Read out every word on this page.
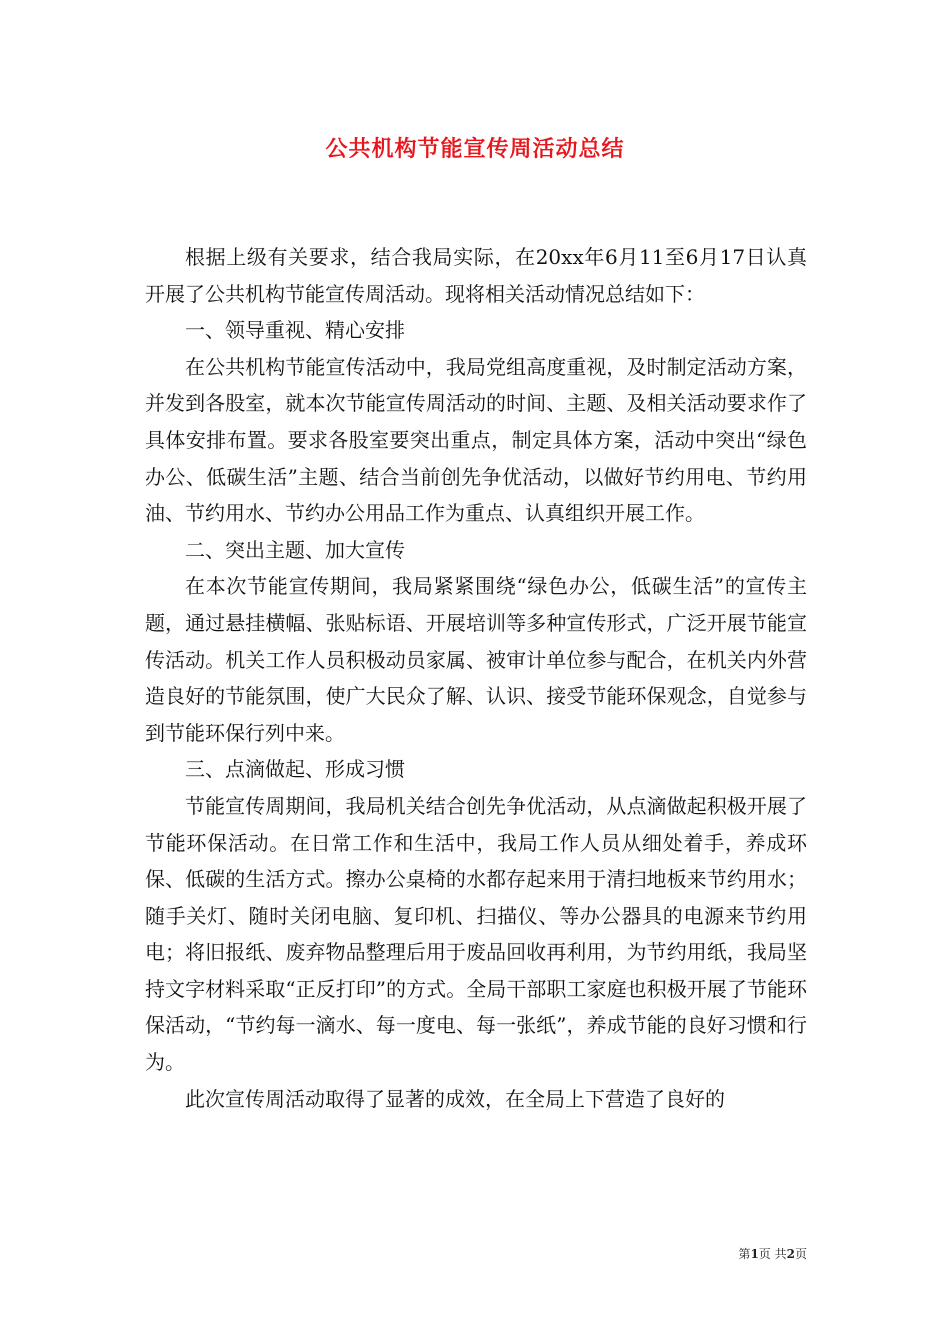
公共机构节能宣传周活动总结

根据上级有关要求，结合我局实际，在20xx年6月11至6月17日认真开展了公共机构节能宣传周活动。现将相关活动情况总结如下：

一、领导重视、精心安排

在公共机构节能宣传活动中，我局党组高度重视，及时制定活动方案，并发到各股室，就本次节能宣传周活动的时间、主题、及相关活动要求作了具体安排布置。要求各股室要突出重点，制定具体方案，活动中突出“绿色办公、低碳生活”主题、结合当前创先争优活动，以做好节约用电、节约用油、节约用水、节约办公用品工作为重点、认真组织开展工作。

二、突出主题、加大宣传

在本次节能宣传期间，我局紧紧围绕“绿色办公，低碳生活”的宣传主题，通过悬挂横幅、张贴标语、开展培训等多种宣传形式，广泛开展节能宣传活动。机关工作人员积极动员家属、被审计单位参与配合，在机关内外营造良好的节能氛围，使广大民众了解、认识、接受节能环保观念，自觉参与到节能环保行列中来。

三、点滴做起、形成习惯

节能宣传周期间，我局机关结合创先争优活动，从点滴做起积极开展了节能环保活动。在日常工作和生活中，我局工作人员从细处着手，养成环保、低碳的生活方式。擦办公桌椅的水都存起来用于清扫地板来节约用水；随手关灯、随时关闭电脑、复印机、扫描仪、等办公器具的电源来节约用电；将旧报纸、废弃物品整理后用于废品回收再利用，为节约用纸，我局坚持文字材料采取“正反打印”的方式。全局干部职工家庭也积极开展了节能环保活动，“节约每一滴水、每一度电、每一张纸”，养成节能的良好习惯和行为。

此次宣传周活动取得了显著的成效，在全局上下营造了良好的

第1页 共2页
